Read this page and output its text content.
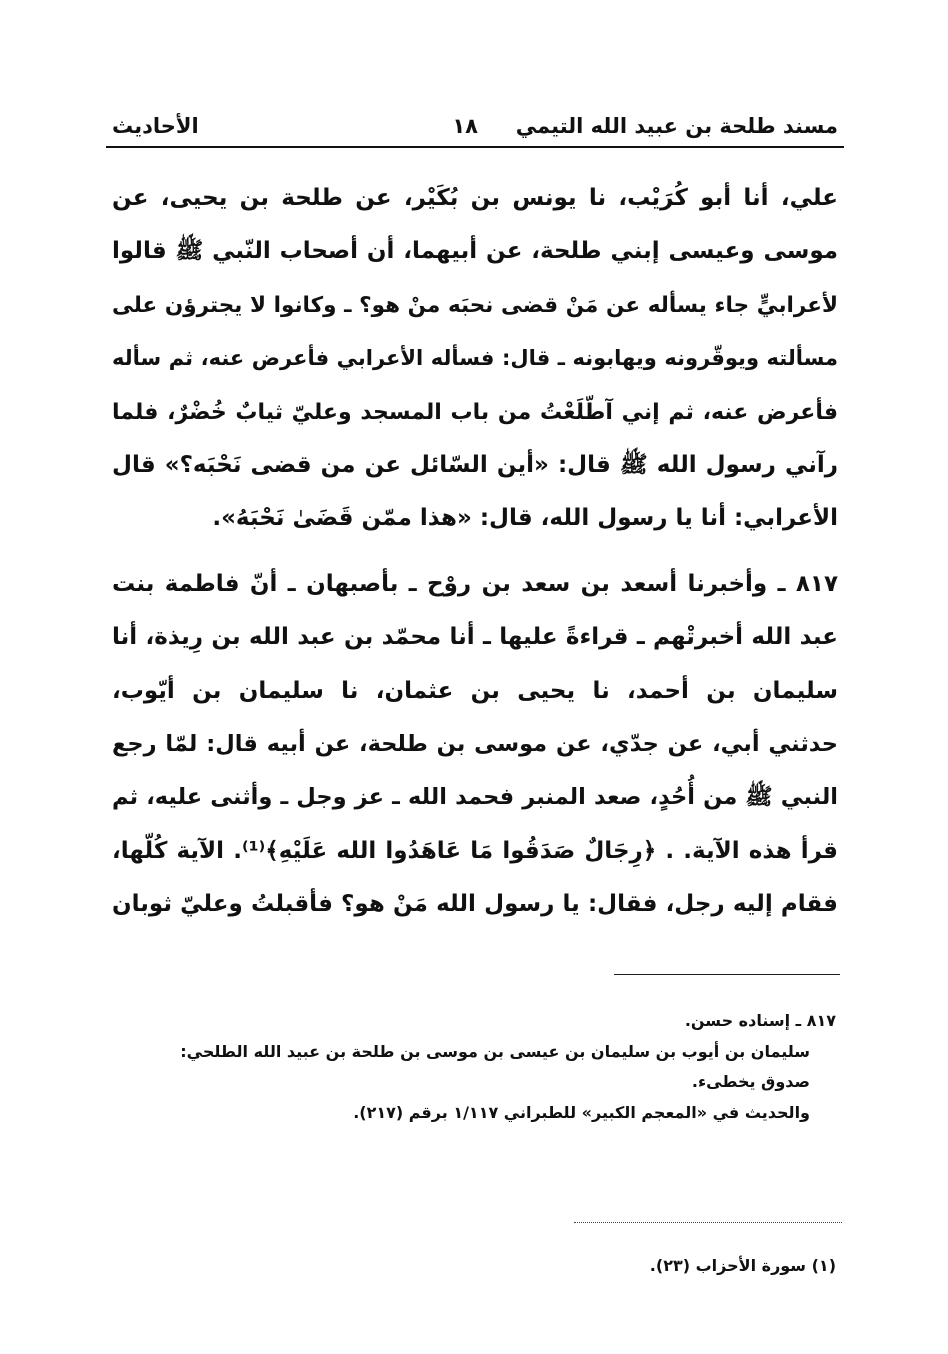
مسند طلحة بن عبيد الله التيمي
١٨
الأحاديث
علي، أنا أبو كُرَيْب، نا يونس بن بُكَيْر، عن طلحة بن يحيى، عن
موسى وعيسى إبني طلحة، عن أبيهما، أن أصحاب النّبي ﷺ قالوا
لأعرابيٍّ جاء يسأله عن مَنْ قضى نحبَه منْ هو؟ ـ وكانوا لا يجترؤن على
مسألته ويوقّرونه ويهابونه ـ قال: فسأله الأعرابي فأعرض عنه، ثم سأله
فأعرض عنه، ثم إني آطّلَعْتُ من باب المسجد وعليّ ثيابٌ خُضْرٌ، فلما
رآني رسول الله ﷺ قال: «أين السّائل عن من قضى نَحْبَه؟» قال
الأعرابي: أنا يا رسول الله، قال: «هذا ممّن قَضَىٰ نَحْبَهُ».
٨١٧ ـ وأخبرنا أسعد بن سعد بن روْح ـ بأصبهان ـ أنّ فاطمة بنت
عبد الله أخبرتْهم ـ قراءةً عليها ـ أنا محمّد بن عبد الله بن رِيذة، أنا
سليمان بن أحمد، نا يحيى بن عثمان، نا سليمان بن أيّوب،
حدثني أبي، عن جدّي، عن موسى بن طلحة، عن أبيه قال: لمّا رجع
النبي ﷺ من أُحُدٍ، صعد المنبر فحمد الله ـ عز وجل ـ وأثنى عليه، ثم
قرأ هذه الآية. . ﴿رِجَالٌ صَدَقُوا مَا عَاهَدُوا الله عَلَيْهِ﴾⁽¹⁾. الآية كُلّها،
فقام إليه رجل، فقال: يا رسول الله مَنْ هو؟ فأقبلتُ وعليّ ثوبان
٨١٧ ـ إسناده حسن.
سليمان بن أيوب بن سليمان بن عيسى بن موسى بن طلحة بن عبيد الله الطلحي:
صدوق يخطىء.
والحديث في «المعجم الكبير» للطبراني ١/١١٧ برقم (٢١٧).
(١) سورة الأحزاب (٢٣).
